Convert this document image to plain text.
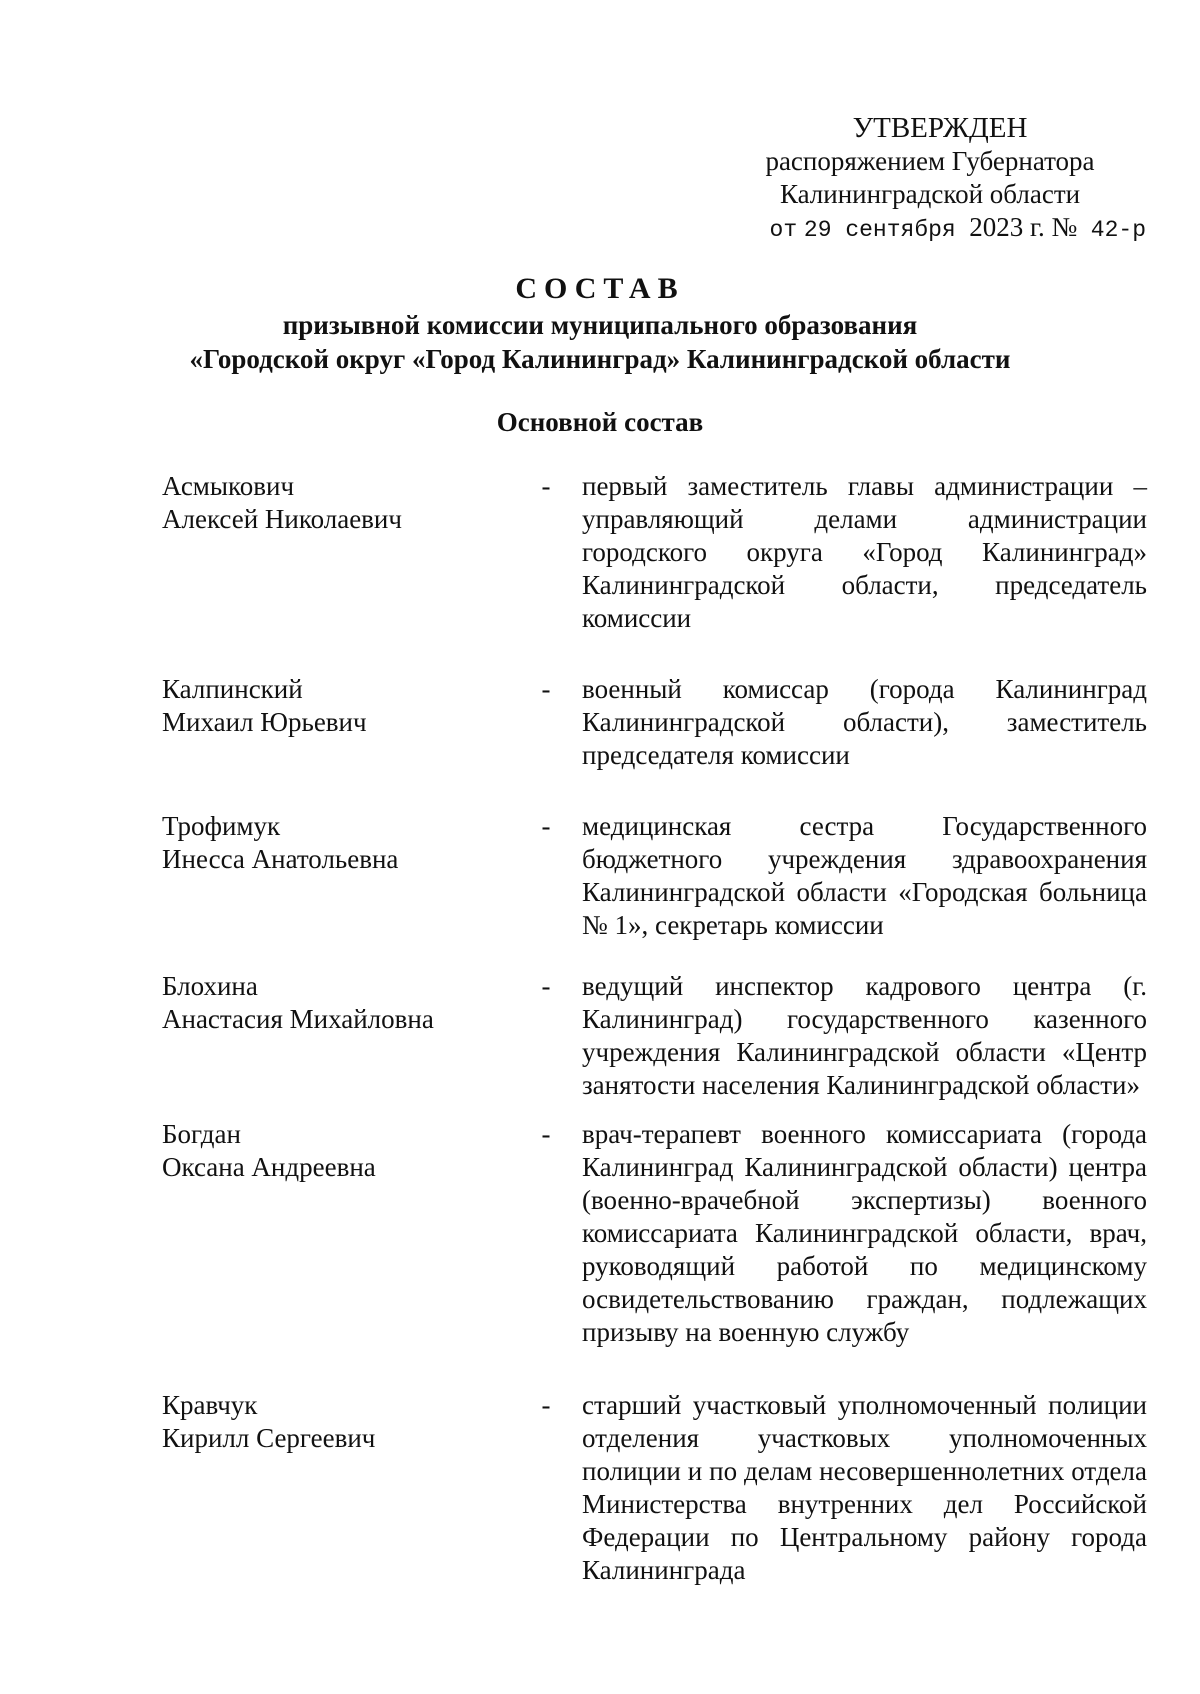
УТВЕРЖДЕН
распоряжением Губернатора
Калининградской области
от 29 сентября 2023 г. № 42-р
СОСТАВ
призывной комиссии муниципального образования
«Городской округ «Город Калининград» Калининградской области
Основной состав
Асмыкович
Алексей Николаевич
-	первый заместитель главы администрации – управляющий делами администрации городского округа «Город Калининград» Калининградской области, председатель комиссии
Калпинский
Михаил Юрьевич
-	военный комиссар (города Калининград Калининградской области), заместитель председателя комиссии
Трофимук
Инесса Анатольевна
-	медицинская сестра Государственного бюджетного учреждения здравоохранения Калининградской области «Городская больница № 1», секретарь комиссии
Блохина
Анастасия Михайловна
-	ведущий инспектор кадрового центра (г. Калининград) государственного казенного учреждения Калининградской области «Центр занятости населения Калининградской области»
Богдан
Оксана Андреевна
-	врач-терапевт военного комиссариата (города Калининград Калининградской области) центра (военно-врачебной экспертизы) военного комиссариата Калининградской области, врач, руководящий работой по медицинскому освидетельствованию граждан, подлежащих призыву на военную службу
Кравчук
Кирилл Сергеевич
-	старший участковый уполномоченный полиции отделения участковых уполномоченных полиции и по делам несовершеннолетних отдела Министерства внутренних дел Российской Федерации по Центральному району города Калининграда
